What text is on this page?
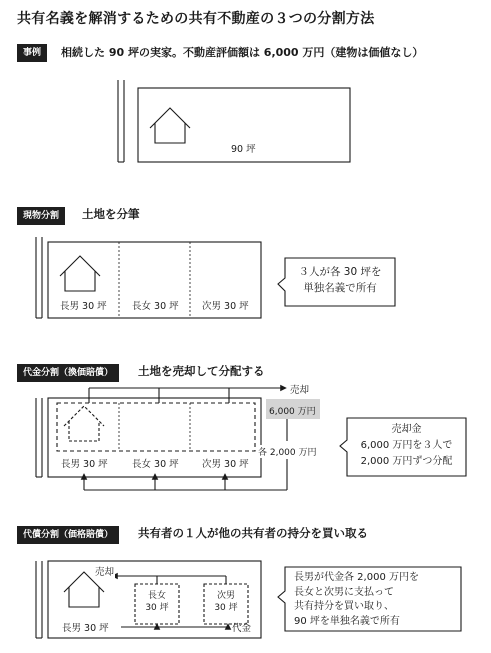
共有名義を解消するための共有不動産の３つの分割方法
事例	相続した 90 坪の実家。不動産評価額は 6,000 万円（建物は価値なし）
90 坪
現物分割	土地を分筆
長男 30 坪	長女 30 坪 次男 30 坪
３人が各 30 坪を
単独名義で所有
代金分割（換価賠償）	土地を売却して分配する
売却
6,000 万円
各 2,000 万円
長男 30 坪	長女 30 坪 次男 30 坪
売却金
6,000 万円を３人で
2,000 万円ずつ分配
代償分割（価格賠償）	共有者の１人が他の共有者の持分を買い取る
売却
長男 30 坪
長女
30 坪
次男
30 坪
代金
長男が代金各 2,000 万円を
長女と次男に支払って
共有持分を買い取り、
90 坪を単独名義で所有
